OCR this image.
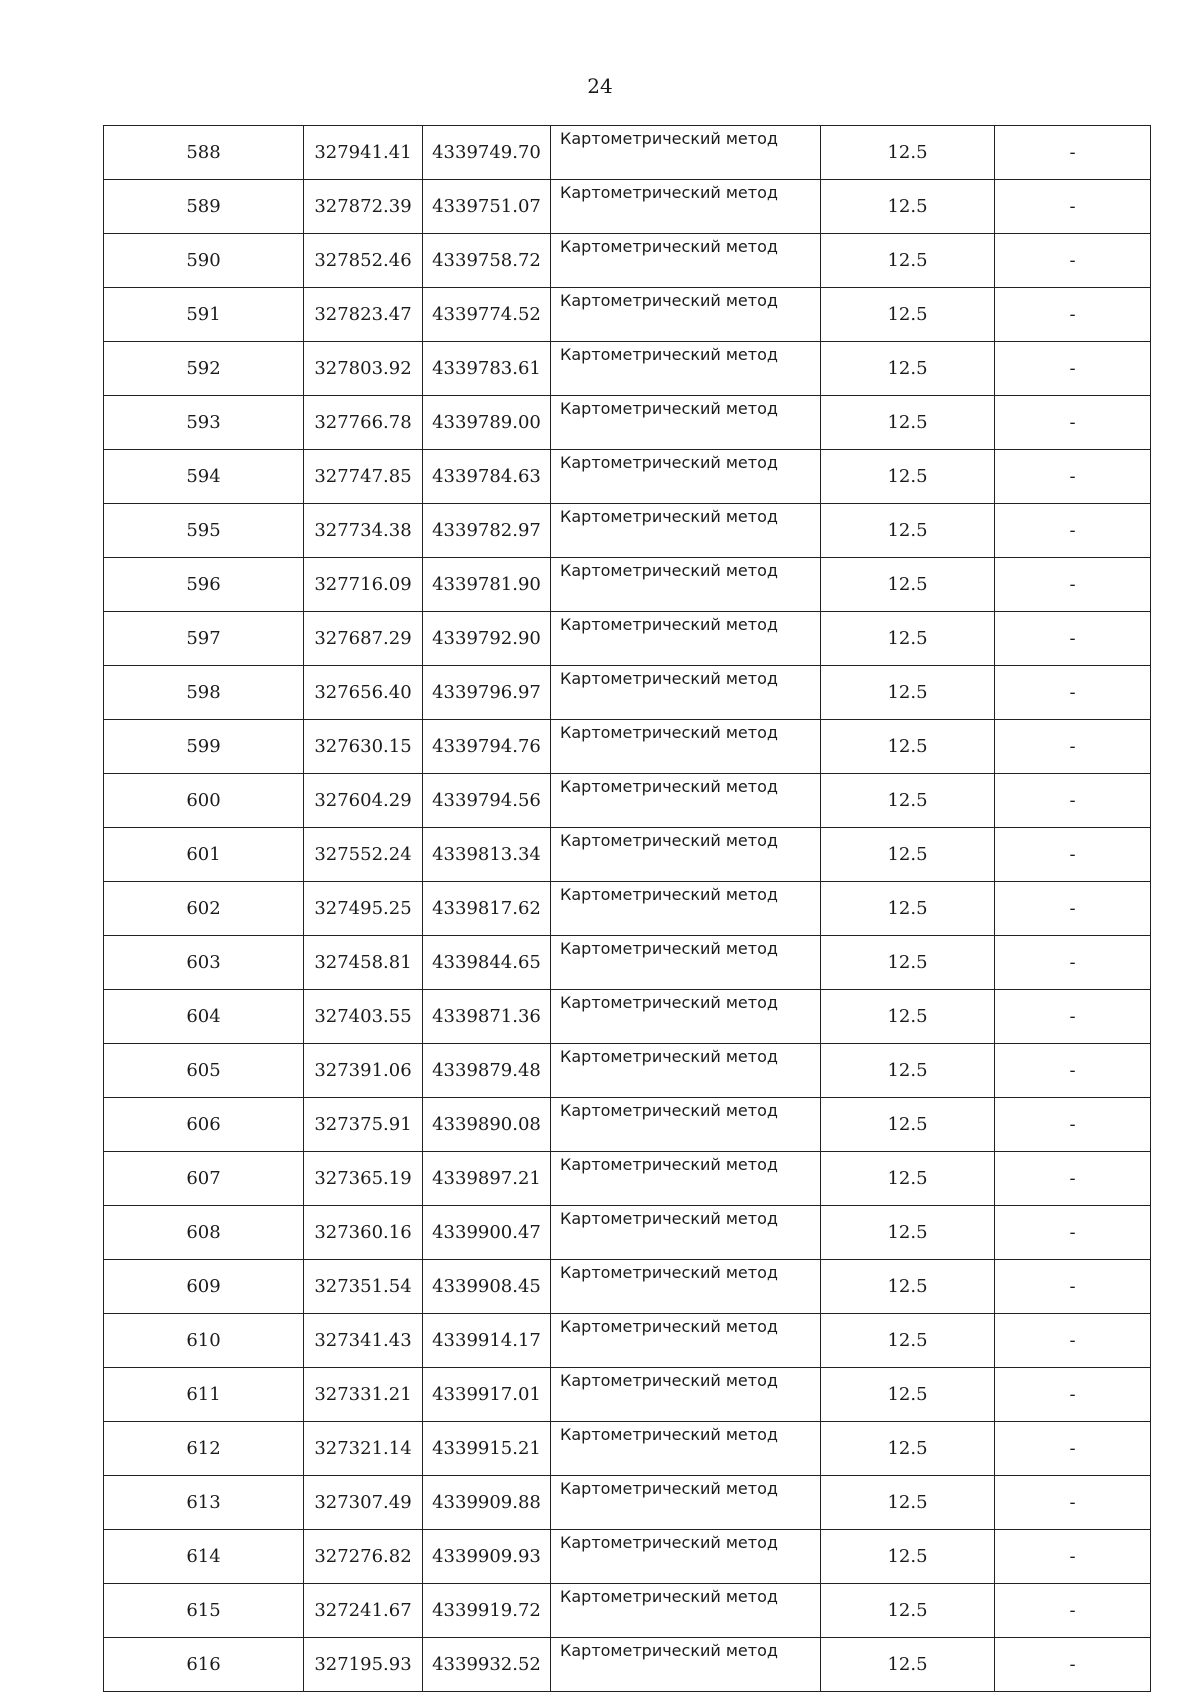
24
588	327941.41	4339749.70	Картометрический метод	12.5	-
589	327872.39	4339751.07	Картометрический метод	12.5	-
590	327852.46	4339758.72	Картометрический метод	12.5	-
591	327823.47	4339774.52	Картометрический метод	12.5	-
592	327803.92	4339783.61	Картометрический метод	12.5	-
593	327766.78	4339789.00	Картометрический метод	12.5	-
594	327747.85	4339784.63	Картометрический метод	12.5	-
595	327734.38	4339782.97	Картометрический метод	12.5	-
596	327716.09	4339781.90	Картометрический метод	12.5	-
597	327687.29	4339792.90	Картометрический метод	12.5	-
598	327656.40	4339796.97	Картометрический метод	12.5	-
599	327630.15	4339794.76	Картометрический метод	12.5	-
600	327604.29	4339794.56	Картометрический метод	12.5	-
601	327552.24	4339813.34	Картометрический метод	12.5	-
602	327495.25	4339817.62	Картометрический метод	12.5	-
603	327458.81	4339844.65	Картометрический метод	12.5	-
604	327403.55	4339871.36	Картометрический метод	12.5	-
605	327391.06	4339879.48	Картометрический метод	12.5	-
606	327375.91	4339890.08	Картометрический метод	12.5	-
607	327365.19	4339897.21	Картометрический метод	12.5	-
608	327360.16	4339900.47	Картометрический метод	12.5	-
609	327351.54	4339908.45	Картометрический метод	12.5	-
610	327341.43	4339914.17	Картометрический метод	12.5	-
611	327331.21	4339917.01	Картометрический метод	12.5	-
612	327321.14	4339915.21	Картометрический метод	12.5	-
613	327307.49	4339909.88	Картометрический метод	12.5	-
614	327276.82	4339909.93	Картометрический метод	12.5	-
615	327241.67	4339919.72	Картометрический метод	12.5	-
616	327195.93	4339932.52	Картометрический метод	12.5	-
